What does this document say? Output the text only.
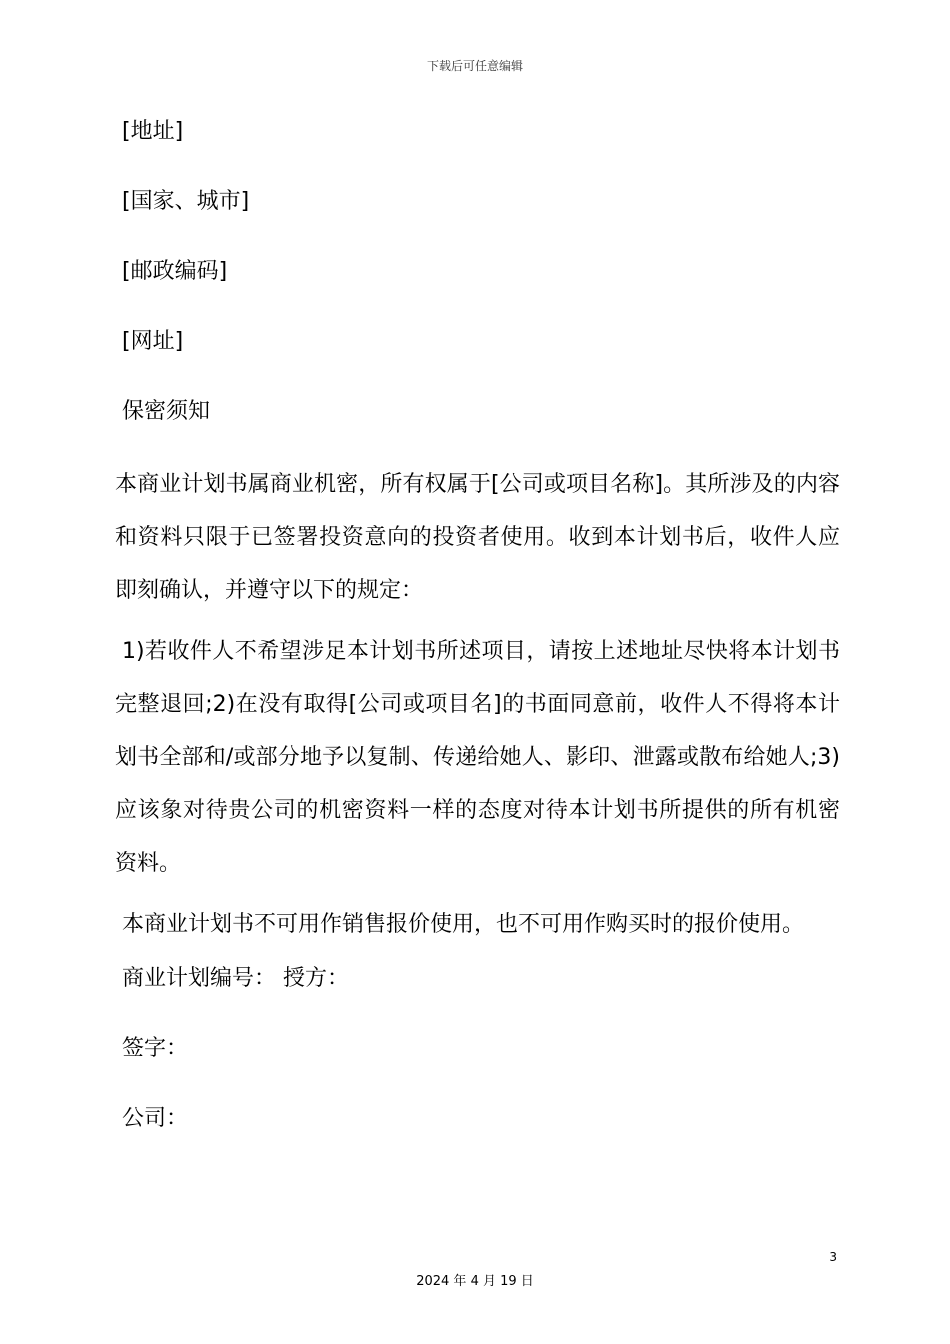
下载后可任意编辑
[地址]
[国家、城市]
[邮政编码]
[网址]
保密须知

本商业计划书属商业机密，所有权属于[公司或项目名称]。其所涉及的内容和资料只限于已签署投资意向的投资者使用。收到本计划书后，收件人应即刻确认，并遵守以下的规定：

1)若收件人不希望涉足本计划书所述项目，请按上述地址尽快将本计划书完整退回;2)在没有取得[公司或项目名]的书面同意前，收件人不得将本计划书全部和/或部分地予以复制、传递给她人、影印、泄露或散布给她人;3)应该象对待贵公司的机密资料一样的态度对待本计划书所提供的所有机密资料。

本商业计划书不可用作销售报价使用，也不可用作购买时的报价使用。

商业计划编号： 授方：
签字：
公司：
3
2024 年 4 月 19 日
